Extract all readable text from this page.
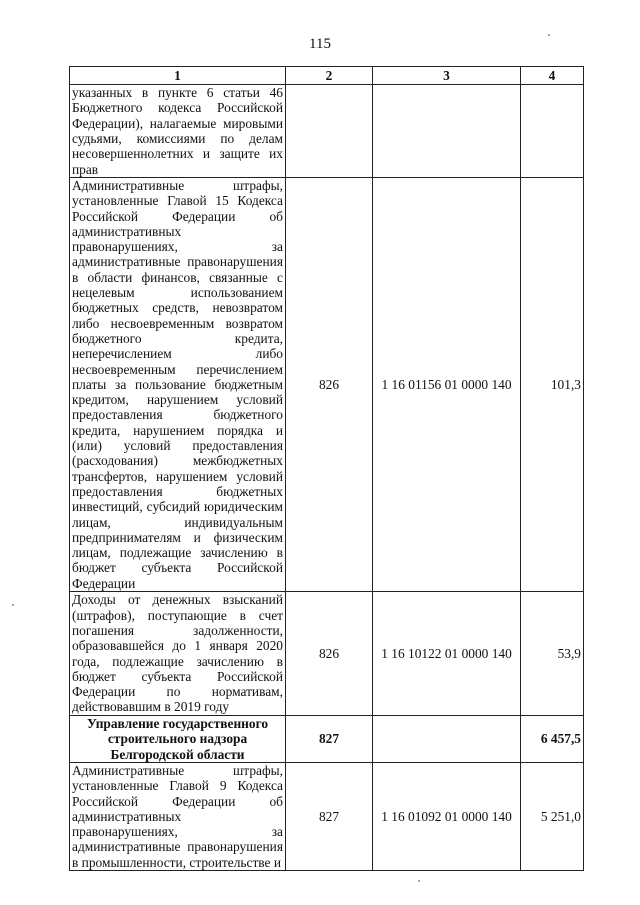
115
1	2	3	4
указанных в пункте 6 статьи 46 Бюджетного кодекса Российской Федерации), налагаемые мировыми судьями, комиссиями по делам несовершеннолетних и защите их прав			
Административные штрафы, установленные Главой 15 Кодекса Российской Федерации об административных правонарушениях, за административные правонарушения в области финансов, связанные с нецелевым использованием бюджетных средств, невозвратом либо несвоевременным возвратом бюджетного кредита, неперечислением либо несвоевременным перечислением платы за пользование бюджетным кредитом, нарушением условий предоставления бюджетного кредита, нарушением порядка и (или) условий предоставления (расходования) межбюджетных трансфертов, нарушением условий предоставления бюджетных инвестиций, субсидий юридическим лицам, индивидуальным предпринимателям и физическим лицам, подлежащие зачислению в бюджет субъекта Российской Федерации	826	1 16 01156 01 0000 140	101,3
Доходы от денежных взысканий (штрафов), поступающие в счет погашения задолженности, образовавшейся до 1 января 2020 года, подлежащие зачислению в бюджет субъекта Российской Федерации по нормативам, действовавшим в 2019 году	826	1 16 10122 01 0000 140	53,9
Управление государственного строительного надзора Белгородской области	827		6 457,5
Административные штрафы, установленные Главой 9 Кодекса Российской Федерации об административных правонарушениях, за административные правонарушения в промышленности, строительстве и	827	1 16 01092 01 0000 140	5 251,0
